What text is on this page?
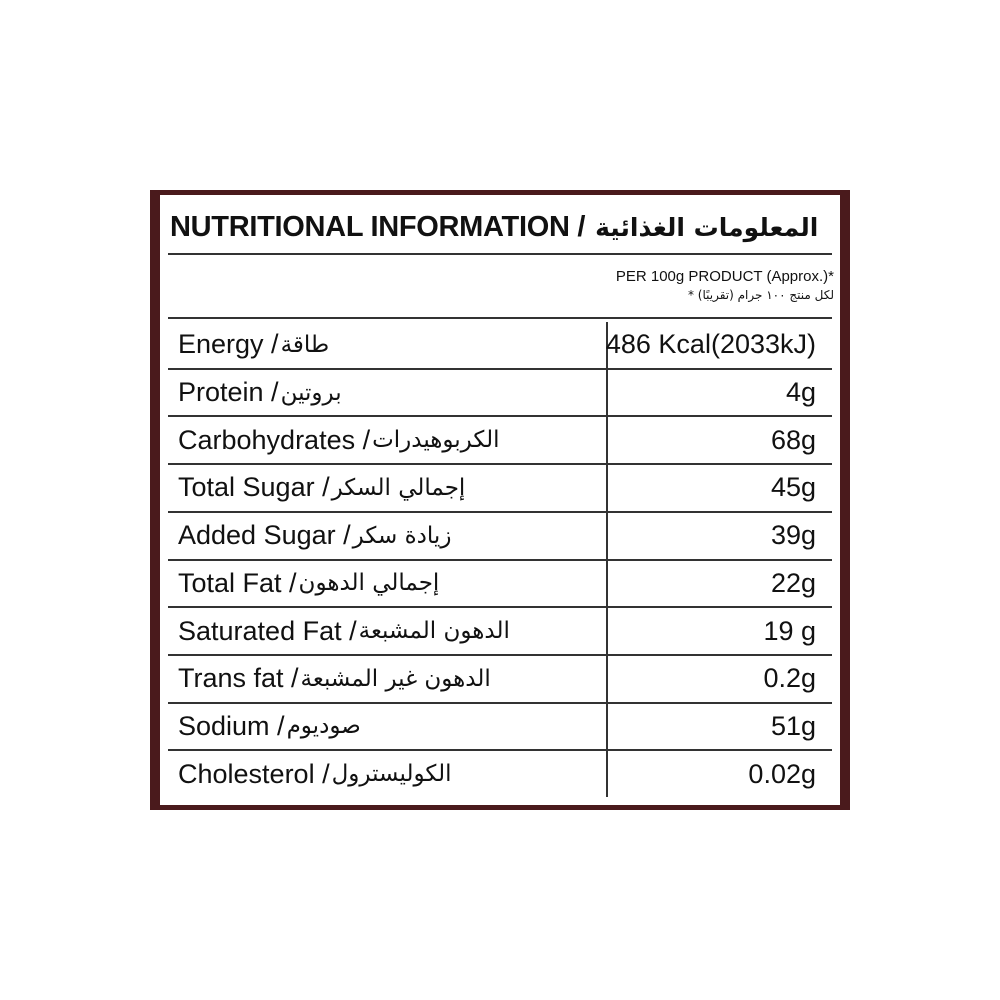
NUTRITIONAL INFORMATION / المعلومات الغذائية
PER 100g PRODUCT (Approx.)*
لكل منتج ١٠٠ جرام (تقريبًا) *
Energy / طاقة	486 Kcal(2033kJ)
Protein / بروتين	4g
Carbohydrates / الكربوهيدرات	68g
Total Sugar / إجمالي السكر	45g
Added Sugar / زيادة سكر	39g
Total Fat / إجمالي الدهون	22g
Saturated Fat / الدهون المشبعة	19 g
Trans fat / الدهون غير المشبعة	0.2g
Sodium / صوديوم	51g
Cholesterol / الكوليسترول	0.02g
